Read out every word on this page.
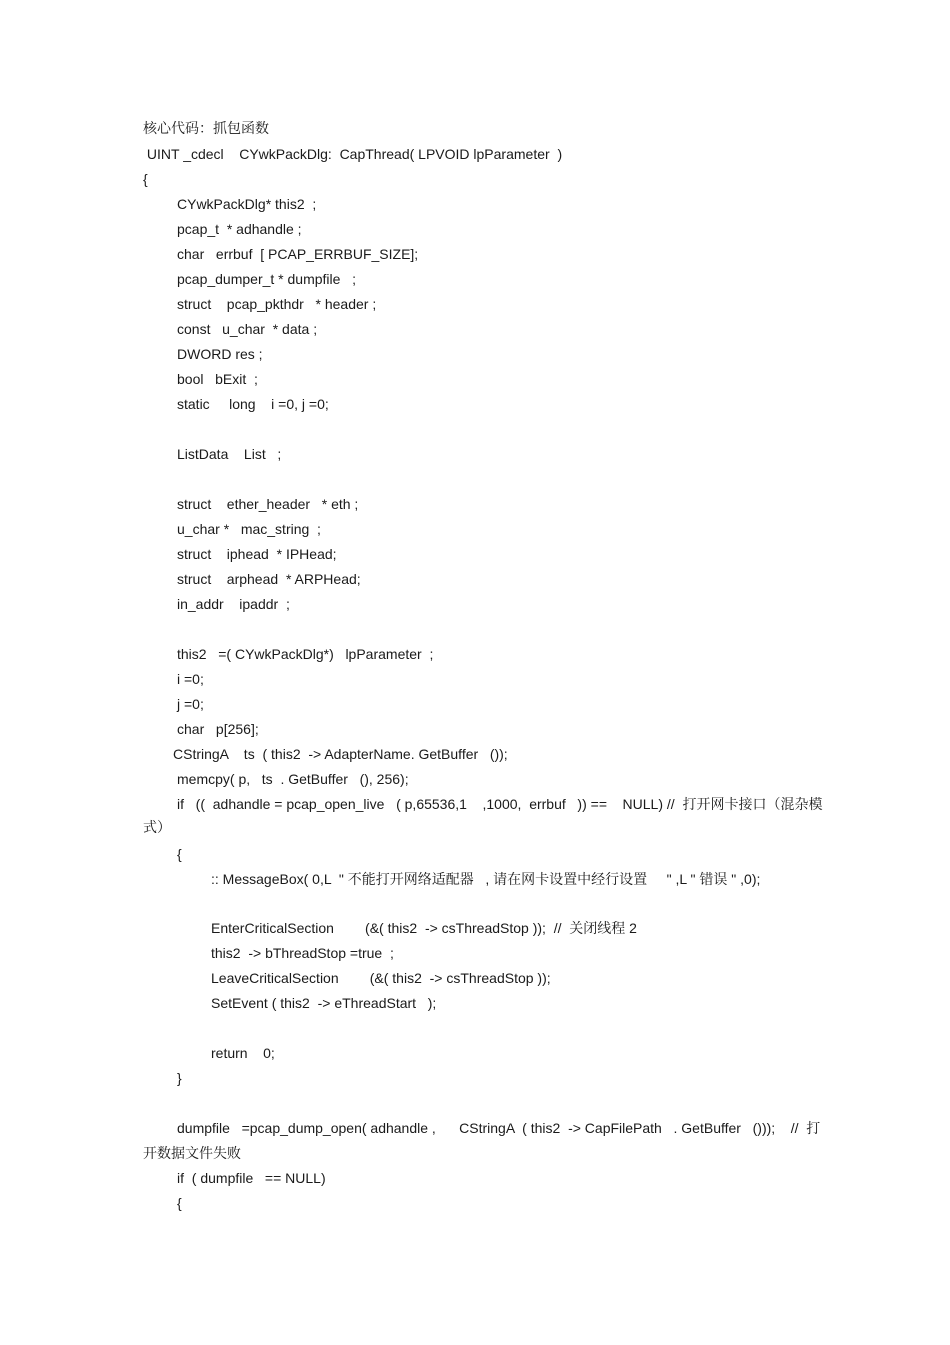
核心代码：抓包函数
UINT _cdecl    CYwkPackDlg:  CapThread( LPVOID lpParameter  )
{
CYwkPackDlg* this2  ;
pcap_t  * adhandle ;
char   errbuf  [ PCAP_ERRBUF_SIZE];
pcap_dumper_t * dumpfile   ;
struct    pcap_pkthdr   * header ;
const   u_char  * data ;
DWORD res ;
bool   bExit  ;
static     long    i =0, j =0;
ListData    List   ;
struct    ether_header   * eth ;
u_char *   mac_string  ;
struct    iphead  * IPHead;
struct    arphead  * ARPHead;
in_addr    ipaddr  ;
this2   =( CYwkPackDlg*)   lpParameter  ;
i =0;
j =0;
char   p[256];
CStringA    ts  ( this2  -> AdapterName. GetBuffer   ());
memcpy( p,   ts  . GetBuffer   (), 256);
if   ((  adhandle = pcap_open_live   ( p,65536,1    ,1000,  errbuf   )) ==    NULL) //  打开网卡接口（混杂模
式）
{
:: MessageBox( 0,L  " 不能打开网络适配器   , 请在网卡设置中经行设置     " ,L " 错误 " ,0);
EnterCriticalSection        (&( this2  -> csThreadStop ));  //  关闭线程 2
this2  -> bThreadStop =true  ;
LeaveCriticalSection        (&( this2  -> csThreadStop ));
SetEvent ( this2  -> eThreadStart   );
return    0;
}
dumpfile   =pcap_dump_open( adhandle ,      CStringA  ( this2  -> CapFilePath   . GetBuffer   ()));    //  打
开数据文件失败
if  ( dumpfile   == NULL)
{
